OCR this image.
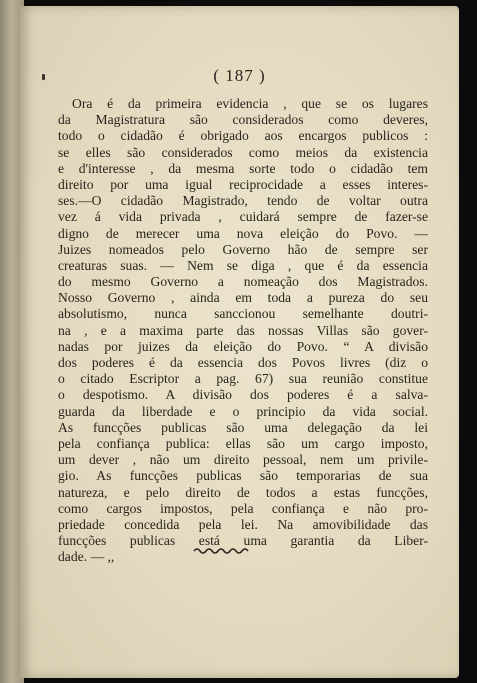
( 187 )
Ora é da primeira evidencia , que se os lugares
da Magistratura são considerados como deveres,
todo o cidadão é obrigado aos encargos publicos :
se elles são considerados como meios da existencia
e d'interesse , da mesma sorte todo o cidadão tem
direito por uma igual reciprocidade a esses interes-
ses.—O cidadão Magistrado, tendo de voltar outra
vez á vida privada , cuidará sempre de fazer-se
digno de merecer uma nova eleição do Povo. —
Juizes nomeados pelo Governo hão de sempre ser
creaturas suas. — Nem se diga , que é da essencia
do mesmo Governo a nomeação dos Magistrados.
Nosso Governo , ainda em toda a pureza do seu
absolutismo, nunca sanccionou semelhante doutri-
na , e a maxima parte das nossas Villas são gover-
nadas por juizes da eleição do Povo. “ A divisão
dos poderes é da essencia dos Povos livres (diz o
o citado Escriptor a pag. 67) sua reunião constitue
o despotismo. A divisão dos poderes é a salva-
guarda da liberdade e o principio da vida social.
As funcções publicas são uma delegação da lei
pela confiança publica: ellas são um cargo imposto,
um dever , não um direito pessoal, nem um privile-
gio. As funcções publicas são temporarias de sua
natureza, e pelo direito de todos a estas funcções,
como cargos impostos, pela confiança e não pro-
priedade concedida pela lei. Na amovibilidade das
funcções publicas está uma garantia da Liber-
dade. — ,,
